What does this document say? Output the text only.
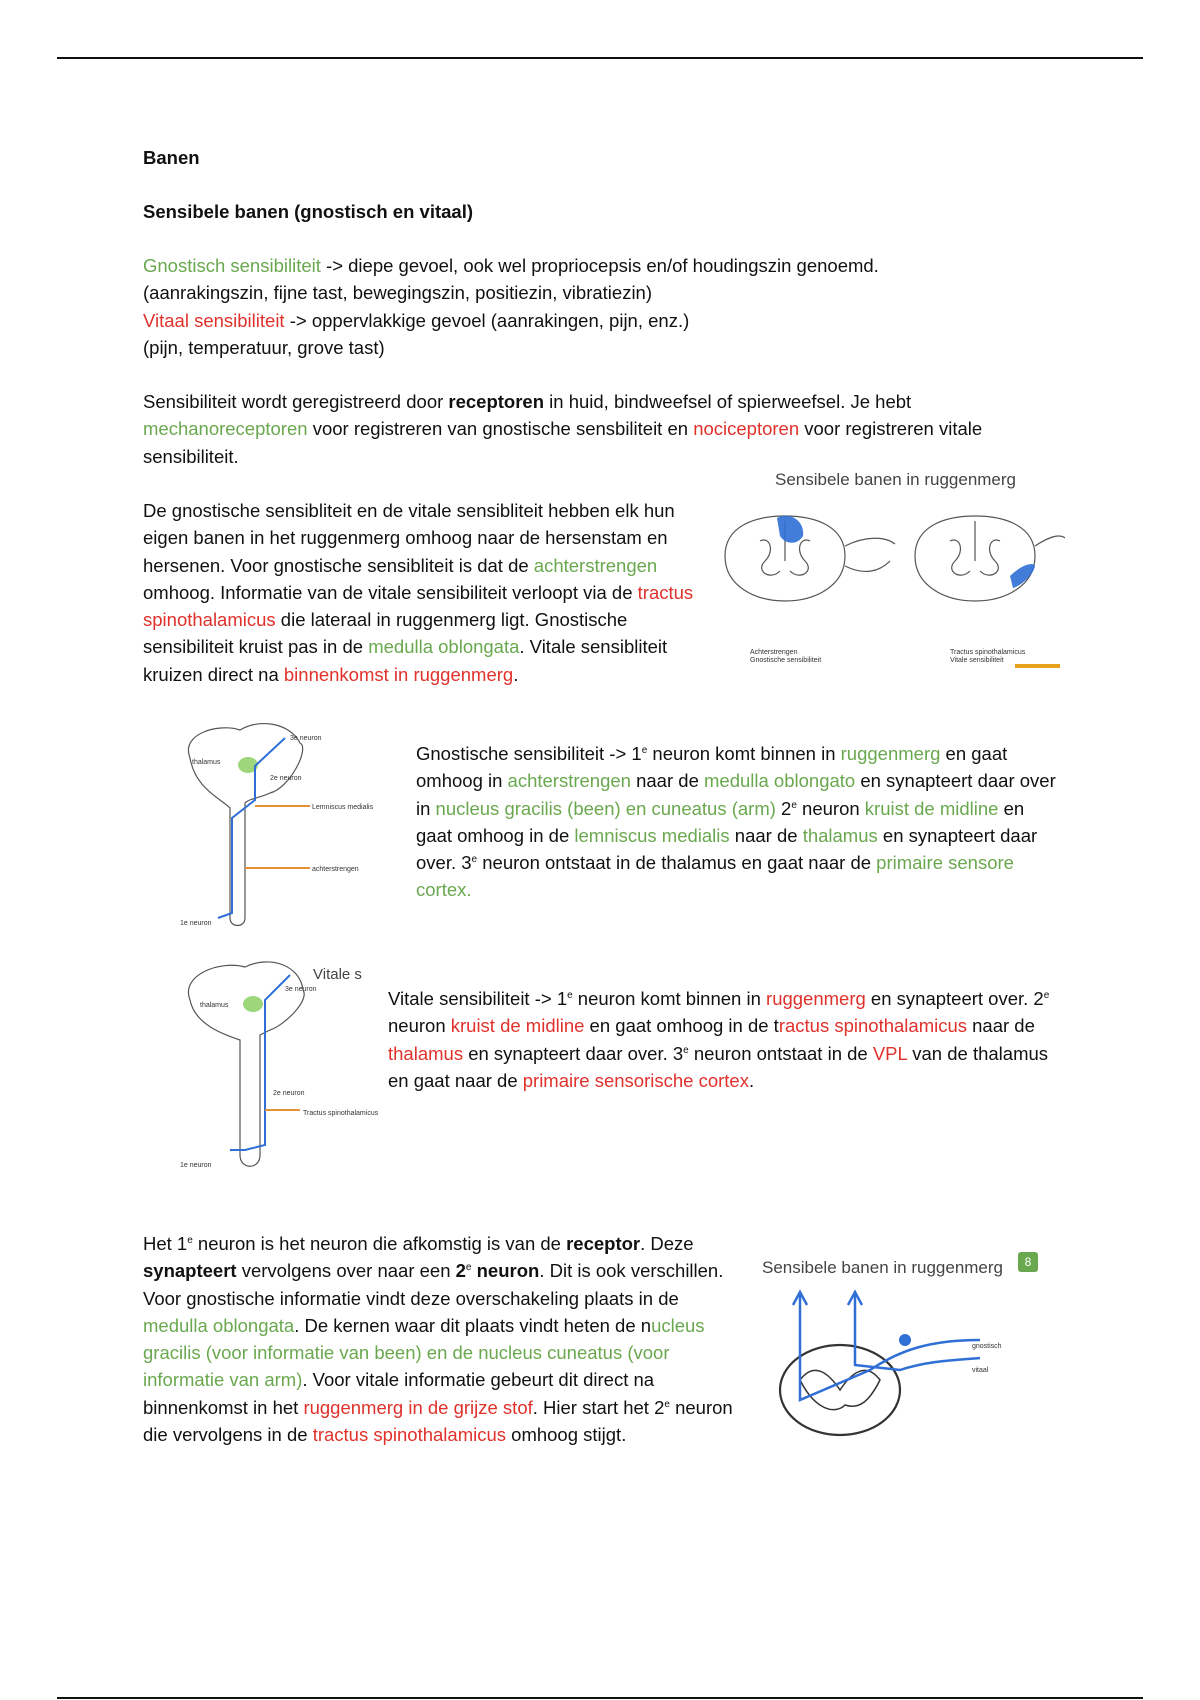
Banen
Sensibele banen (gnostisch en vitaal)

Gnostisch sensibiliteit -> diepe gevoel, ook wel propriocepsis en/of houdingszin genoemd.

(aanrakingszin, fijne tast, bewegingszin, positiezin, vibratiezin)

Vitaal sensibiliteit -> oppervlakkige gevoel (aanrakingen, pijn, enz.)

(pijn, temperatuur, grove tast)

Sensibiliteit wordt geregistreerd door receptoren in huid, bindweefsel of spierweefsel. Je hebt mechanoreceptoren voor registreren van gnostische sensbiliteit en nociceptoren voor registreren vitale sensibiliteit.
De gnostische sensibliteit en de vitale sensibliteit hebben elk hun eigen banen in het ruggenmerg omhoog naar de hersenstam en hersenen. Voor gnostische sensibliteit is dat de achterstrengen omhoog. Informatie van de vitale sensibiliteit verloopt via de tractus spinothalamicus die lateraal in ruggenmerg ligt. Gnostische sensibiliteit kruist pas in de medulla oblongata. Vitale sensibliteit kruizen direct na binnenkomst in ruggenmerg.
Sensibele banen in ruggenmerg
Achterstrengen
Gnostische sensibiliteit
Tractus spinothalamicus
Vitale sensibiliteit
thalamus
3e neuron
2e neuron
Lemniscus medialis
achterstrengen
1e neuron
Gnostische sensibiliteit -> $1^e$ neuron komt binnen in ruggenmerg en gaat omhoog in achterstrengen naar de medulla oblongato en synapteert daar over in nucleus gracilis (been) en cuneatus (arm) 2e neuron kruist de midline en gaat omhoog in de lemniscus medialis naar de thalamus en synapteert daar over. 3e neuron ontstaat in de thalamus en gaat naar de primaire sensore cortex.
Vitale s
thalamus
3e neuron
2e neuron
Tractus spinothalamicus
1e neuron
Vitale sensibiliteit -> $1^e$ neuron komt binnen in ruggenmerg en synapteert over. 2e neuron kruist de midline en gaat omhoog in de tractus spinothalamicus naar de thalamus en synapteert daar over. 3e neuron ontstaat in de VPL van de thalamus en gaat naar de primaire sensorische cortex.
Het 1e neuron is het neuron die afkomstig is van de receptor. Deze synapteert vervolgens over naar een 2e neuron. Dit is ook verschillen. Voor gnostische informatie vindt deze overschakeling plaats in de medulla oblongata. De kernen waar dit plaats vindt heten de nucleus gracilis (voor informatie van been) en de nucleus cuneatus (voor informatie van arm). Voor vitale informatie gebeurt dit direct na binnenkomst in het ruggenmerg in de grijze stof. Hier start het 2e neuron die vervolgens in de tractus spinothalamicus omhoog stijgt.
Sensibele banen in ruggenmerg	8
gnostisch
vitaal
